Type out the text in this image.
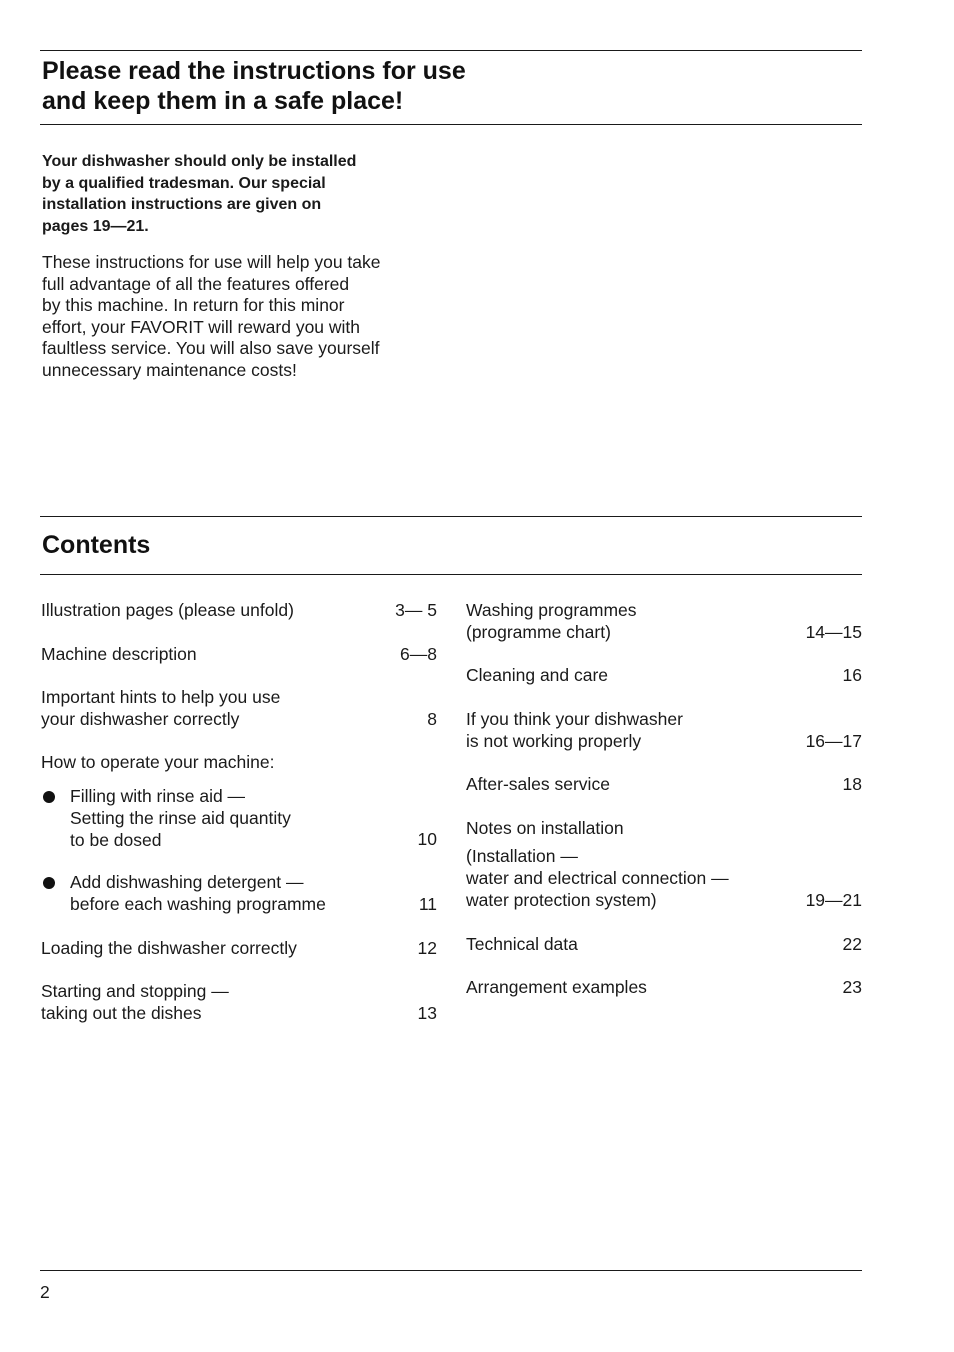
Please read the instructions for use
and keep them in a safe place!

Your dishwasher should only be installed
by a qualified tradesman. Our special
installation instructions are given on
pages 19—21.

These instructions for use will help you take
full advantage of all the features offered
by this machine. In return for this minor
effort, your FAVORIT will reward you with
faultless service. You will also save yourself
unnecessary maintenance costs!

Contents
Illustration pages (please unfold)	3— 5
Machine description	6—8
Important hints to help you use
your dishwasher correctly	8
How to operate your machine:
Filling with rinse aid —
Setting the rinse aid quantity
to be dosed	10
Add dishwashing detergent —
before each washing programme	11
Loading the dishwasher correctly	12
Starting and stopping —
taking out the dishes	13
Washing programmes
(programme chart)	14—15
Cleaning and care	16
If you think your dishwasher
is not working properly	16—17
After-sales service	18
Notes on installation
(Installation —
water and electrical connection —
water protection system)	19—21
Technical data	22
Arrangement examples	23
2
